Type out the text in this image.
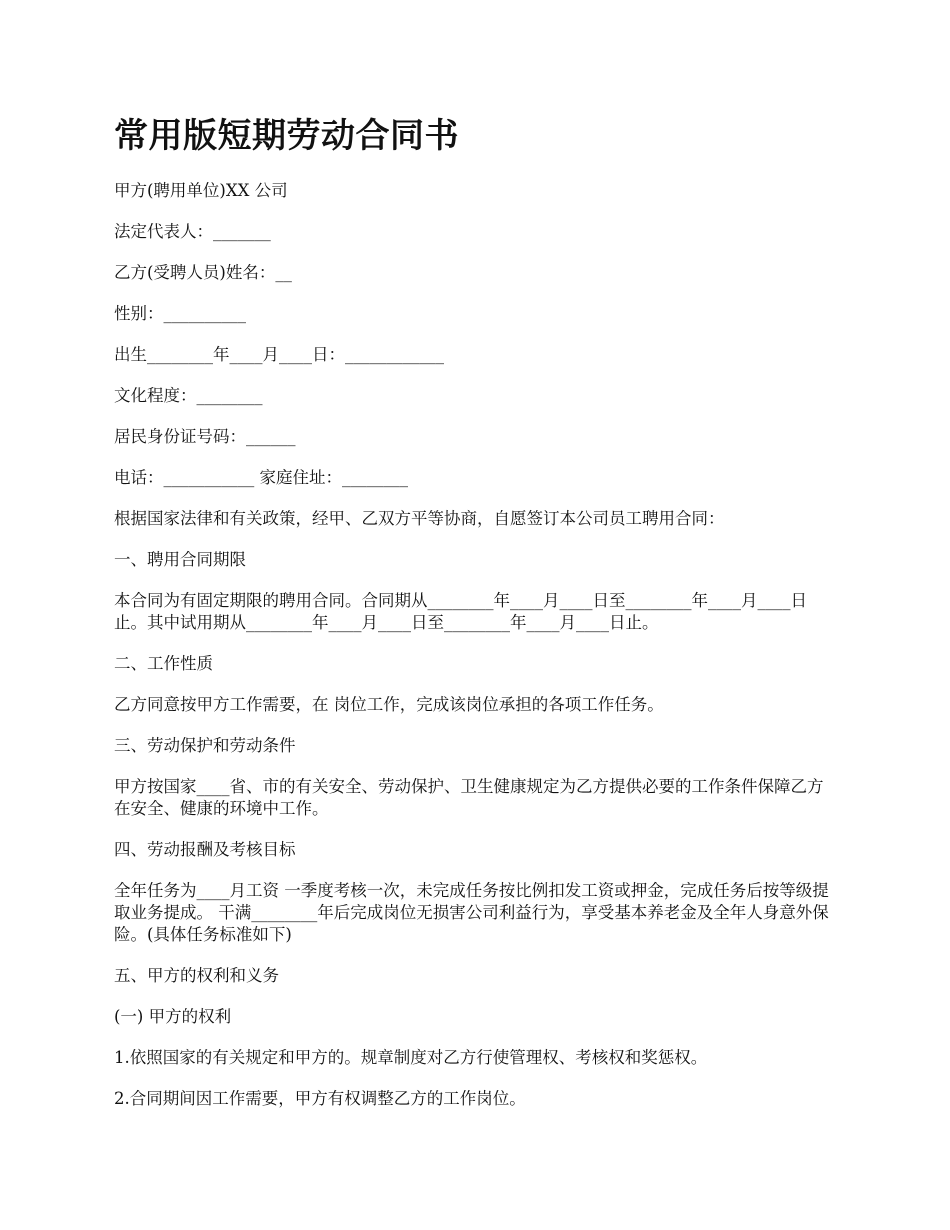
常用版短期劳动合同书

甲方(聘用单位)XX 公司

法定代表人：_______

乙方(受聘人员)姓名：__

性别：__________

出生________年____月____日：____________

文化程度：________

居民身份证号码：______

电话：___________ 家庭住址：________

根据国家法律和有关政策，经甲、乙双方平等协商，自愿签订本公司员工聘用合同：

一、聘用合同期限

本合同为有固定期限的聘用合同。合同期从________年____月____日至________年____月____日止。其中试用期从________年____月____日至________年____月____日止。

二、工作性质

乙方同意按甲方工作需要，在 岗位工作，完成该岗位承担的各项工作任务。

三、劳动保护和劳动条件

甲方按国家____省、市的有关安全、劳动保护、卫生健康规定为乙方提供必要的工作条件保障乙方在安全、健康的环境中工作。

四、劳动报酬及考核目标

全年任务为____月工资 一季度考核一次，未完成任务按比例扣发工资或押金，完成任务后按等级提取业务提成。 干满________年后完成岗位无损害公司利益行为，享受基本养老金及全年人身意外保险。(具体任务标准如下)

五、甲方的权利和义务

(一) 甲方的权利

1.依照国家的有关规定和甲方的。规章制度对乙方行使管理权、考核权和奖惩权。

2.合同期间因工作需要，甲方有权调整乙方的工作岗位。
